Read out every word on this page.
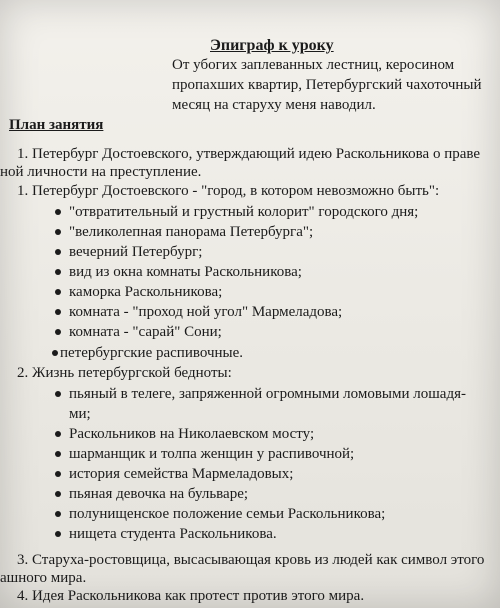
Эпиграф к уроку
От убогих заплеванных лестниц, керосином
пропахших квартир, Петербургский чахоточный
месяц на старуху меня наводил.
План занятия
1. Петербург Достоевского, утверждающий идею Раскольникова о праве
ной личности на преступление.
1. Петербург Достоевского - "город, в котором невозможно быть":
"отвратительный и грустный колорит" городского дня;
"великолепная панорама Петербурга";
вечерний Петербург;
вид из окна комнаты Раскольникова;
каморка Раскольникова;
комната - "проход ной угол" Мармеладова;
комната - "сарай" Сони;
петербургские распивочные.
2. Жизнь петербургской бедноты:
пьяный в телеге, запряженной огромными ломовыми лошадя-
ми;
Раскольников на Николаевском мосту;
шарманщик и толпа женщин у распивочной;
история семейства Мармеладовых;
пьяная девочка на бульваре;
полунищенское положение семьи Раскольникова;
нищета студента Раскольникова.
3. Старуха-ростовщица, высасывающая кровь из людей как символ этого
ашного мира.
4. Идея Раскольникова как протест против этого мира.
